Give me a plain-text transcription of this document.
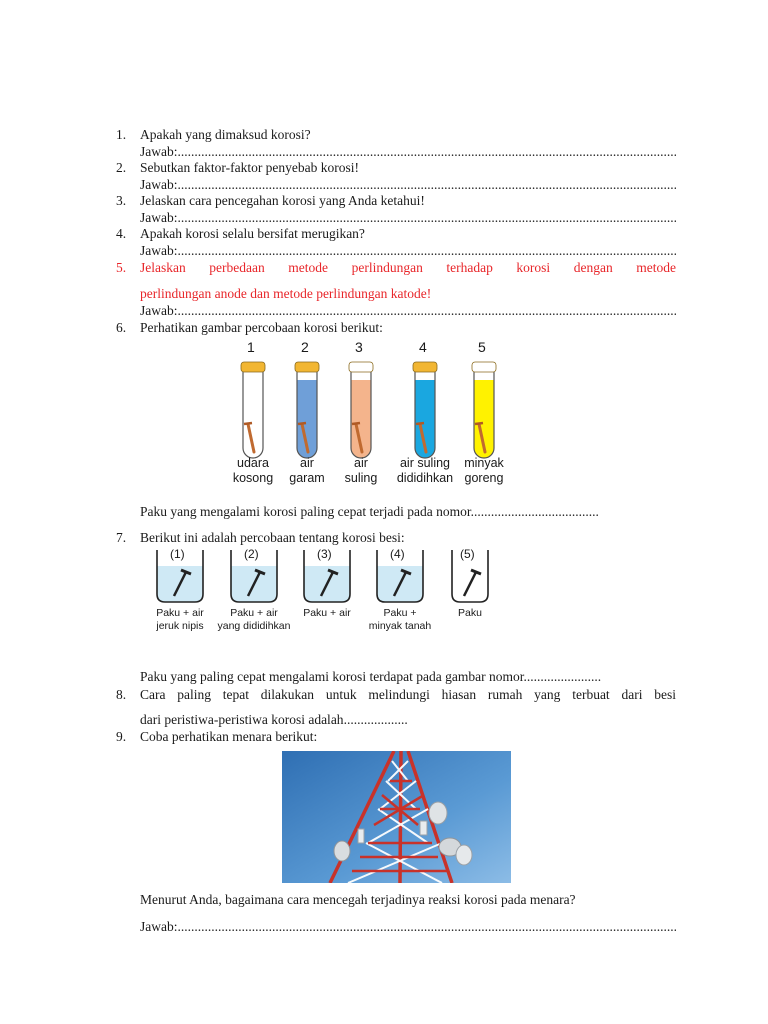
1.	Apakah yang dimaksud korosi?
Jawab: .....
2.	Sebutkan faktor-faktor penyebab korosi!
Jawab: .....
3.	Jelaskan cara pencegahan korosi yang Anda ketahui!
Jawab: .....
4.	Apakah korosi selalu bersifat merugikan?
Jawab: .....
5.	Jelaskan perbedaan metode perlindungan terhadap korosi dengan metode
perlindungan anode dan metode perlindungan katode!
Jawab: .....
6.	Perhatikan gambar percobaan korosi berikut:
1
udara
kosong
2
air
garam
3
air
suling
4
air suling
dididihkan
5
minyak
goreng
Paku yang mengalami korosi paling cepat terjadi pada nomor......................................
7.	Berikut ini adalah percobaan tentang korosi besi:
(1)
Paku + air
jeruk nipis
(2)
Paku + air
yang dididihkan
(3)
Paku + air
(4)
Paku +
minyak tanah
(5)
Paku
Paku yang paling cepat mengalami korosi terdapat pada gambar nomor.......................
8.	Cara paling tepat dilakukan untuk melindungi hiasan rumah yang terbuat dari besi
dari peristiwa-peristiwa korosi adalah...................
9.	Coba perhatikan menara berikut:
Menurut Anda, bagaimana cara mencegah terjadinya reaksi korosi pada menara?
Jawab: .....
